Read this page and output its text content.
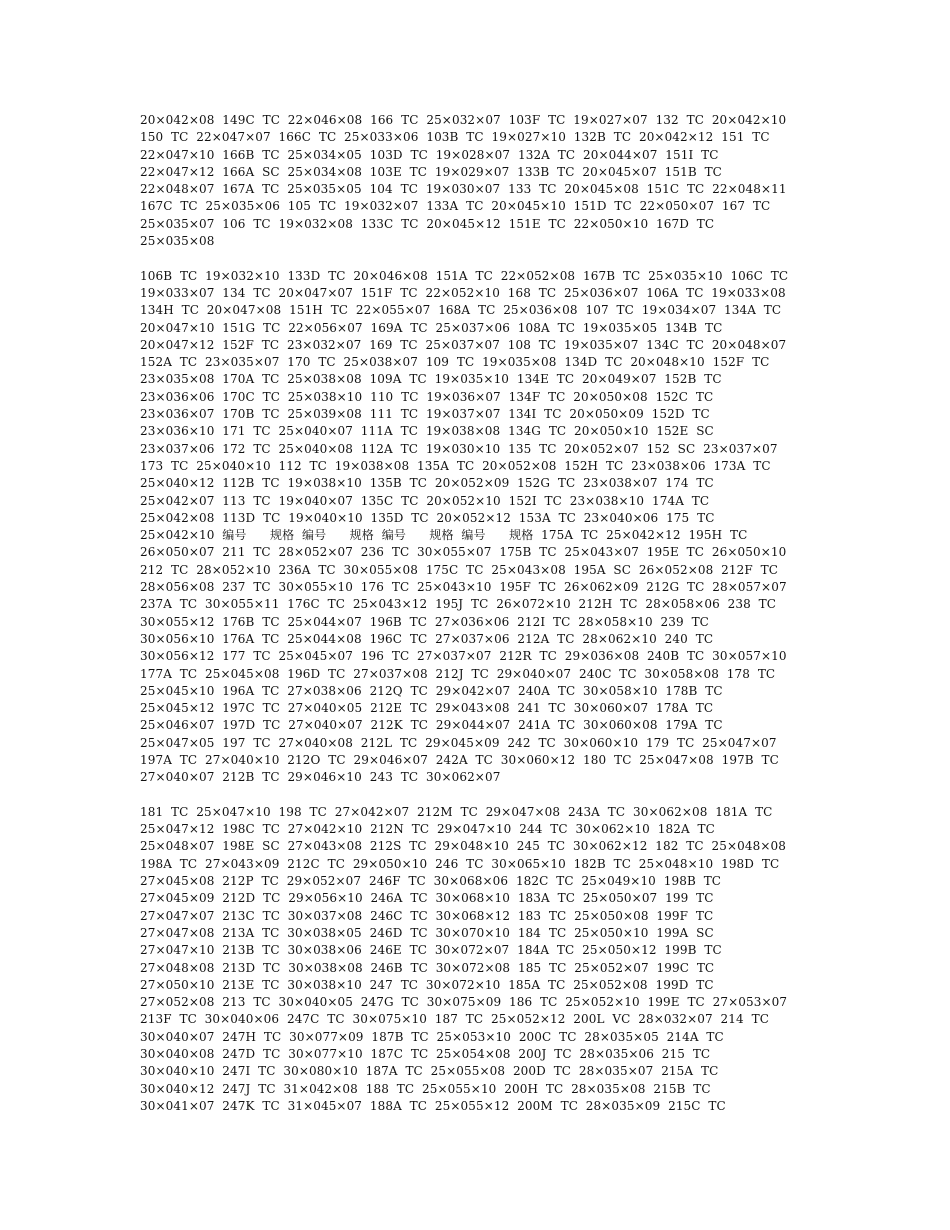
20×042×08  149C  TC  22×046×08  166  TC  25×032×07  103F  TC  19×027×07  132  TC  20×042×10
150  TC  22×047×07  166C  TC  25×033×06  103B  TC  19×027×10  132B  TC  20×042×12  151  TC
22×047×10  166B  TC  25×034×05  103D  TC  19×028×07  132A  TC  20×044×07  151I  TC
22×047×12  166A  SC  25×034×08  103E  TC  19×029×07  133B  TC  20×045×07  151B  TC
22×048×07  167A  TC  25×035×05  104  TC  19×030×07  133  TC  20×045×08  151C  TC  22×048×11
167C  TC  25×035×06  105  TC  19×032×07  133A  TC  20×045×10  151D  TC  22×050×07  167  TC
25×035×07  106  TC  19×032×08  133C  TC  20×045×12  151E  TC  22×050×10  167D  TC
25×035×08
106B  TC  19×032×10  133D  TC  20×046×08  151A  TC  22×052×08  167B  TC  25×035×10  106C  TC
19×033×07  134  TC  20×047×07  151F  TC  22×052×10  168  TC  25×036×07  106A  TC  19×033×08
134H  TC  20×047×08  151H  TC  22×055×07  168A  TC  25×036×08  107  TC  19×034×07  134A  TC
20×047×10  151G  TC  22×056×07  169A  TC  25×037×06  108A  TC  19×035×05  134B  TC
20×047×12  152F  TC  23×032×07  169  TC  25×037×07  108  TC  19×035×07  134C  TC  20×048×07
152A  TC  23×035×07  170  TC  25×038×07  109  TC  19×035×08  134D  TC  20×048×10  152F  TC
23×035×08  170A  TC  25×038×08  109A  TC  19×035×10  134E  TC  20×049×07  152B  TC
23×036×06  170C  TC  25×038×10  110  TC  19×036×07  134F  TC  20×050×08  152C  TC
23×036×07  170B  TC  25×039×08  111  TC  19×037×07  134I  TC  20×050×09  152D  TC
23×036×10  171  TC  25×040×07  111A  TC  19×038×08  134G  TC  20×050×10  152E  SC
23×037×06  172  TC  25×040×08  112A  TC  19×030×10  135  TC  20×052×07  152  SC  23×037×07
173  TC  25×040×10  112  TC  19×038×08  135A  TC  20×052×08  152H  TC  23×038×06  173A  TC
25×040×12  112B  TC  19×038×10  135B  TC  20×052×09  152G  TC  23×038×07  174  TC
25×042×07  113  TC  19×040×07  135C  TC  20×052×10  152I  TC  23×038×10  174A  TC
25×042×08  113D  TC  19×040×10  135D  TC  20×052×12  153A  TC  23×040×06  175  TC
25×042×10  编号      规格  编号      规格  编号      规格  编号      规格  175A  TC  25×042×12  195H  TC
26×050×07  211  TC  28×052×07  236  TC  30×055×07  175B  TC  25×043×07  195E  TC  26×050×10
212  TC  28×052×10  236A  TC  30×055×08  175C  TC  25×043×08  195A  SC  26×052×08  212F  TC
28×056×08  237  TC  30×055×10  176  TC  25×043×10  195F  TC  26×062×09  212G  TC  28×057×07
237A  TC  30×055×11  176C  TC  25×043×12  195J  TC  26×072×10  212H  TC  28×058×06  238  TC
30×055×12  176B  TC  25×044×07  196B  TC  27×036×06  212I  TC  28×058×10  239  TC
30×056×10  176A  TC  25×044×08  196C  TC  27×037×06  212A  TC  28×062×10  240  TC
30×056×12  177  TC  25×045×07  196  TC  27×037×07  212R  TC  29×036×08  240B  TC  30×057×10
177A  TC  25×045×08  196D  TC  27×037×08  212J  TC  29×040×07  240C  TC  30×058×08  178  TC
25×045×10  196A  TC  27×038×06  212Q  TC  29×042×07  240A  TC  30×058×10  178B  TC
25×045×12  197C  TC  27×040×05  212E  TC  29×043×08  241  TC  30×060×07  178A  TC
25×046×07  197D  TC  27×040×07  212K  TC  29×044×07  241A  TC  30×060×08  179A  TC
25×047×05  197  TC  27×040×08  212L  TC  29×045×09  242  TC  30×060×10  179  TC  25×047×07
197A  TC  27×040×10  212O  TC  29×046×07  242A  TC  30×060×12  180  TC  25×047×08  197B  TC
27×040×07  212B  TC  29×046×10  243  TC  30×062×07
181  TC  25×047×10  198  TC  27×042×07  212M  TC  29×047×08  243A  TC  30×062×08  181A  TC
25×047×12  198C  TC  27×042×10  212N  TC  29×047×10  244  TC  30×062×10  182A  TC
25×048×07  198E  SC  27×043×08  212S  TC  29×048×10  245  TC  30×062×12  182  TC  25×048×08
198A  TC  27×043×09  212C  TC  29×050×10  246  TC  30×065×10  182B  TC  25×048×10  198D  TC
27×045×08  212P  TC  29×052×07  246F  TC  30×068×06  182C  TC  25×049×10  198B  TC
27×045×09  212D  TC  29×056×10  246A  TC  30×068×10  183A  TC  25×050×07  199  TC
27×047×07  213C  TC  30×037×08  246C  TC  30×068×12  183  TC  25×050×08  199F  TC
27×047×08  213A  TC  30×038×05  246D  TC  30×070×10  184  TC  25×050×10  199A  SC
27×047×10  213B  TC  30×038×06  246E  TC  30×072×07  184A  TC  25×050×12  199B  TC
27×048×08  213D  TC  30×038×08  246B  TC  30×072×08  185  TC  25×052×07  199C  TC
27×050×10  213E  TC  30×038×10  247  TC  30×072×10  185A  TC  25×052×08  199D  TC
27×052×08  213  TC  30×040×05  247G  TC  30×075×09  186  TC  25×052×10  199E  TC  27×053×07
213F  TC  30×040×06  247C  TC  30×075×10  187  TC  25×052×12  200L  VC  28×032×07  214  TC
30×040×07  247H  TC  30×077×09  187B  TC  25×053×10  200C  TC  28×035×05  214A  TC
30×040×08  247D  TC  30×077×10  187C  TC  25×054×08  200J  TC  28×035×06  215  TC
30×040×10  247I  TC  30×080×10  187A  TC  25×055×08  200D  TC  28×035×07  215A  TC
30×040×12  247J  TC  31×042×08  188  TC  25×055×10  200H  TC  28×035×08  215B  TC
30×041×07  247K  TC  31×045×07  188A  TC  25×055×12  200M  TC  28×035×09  215C  TC
